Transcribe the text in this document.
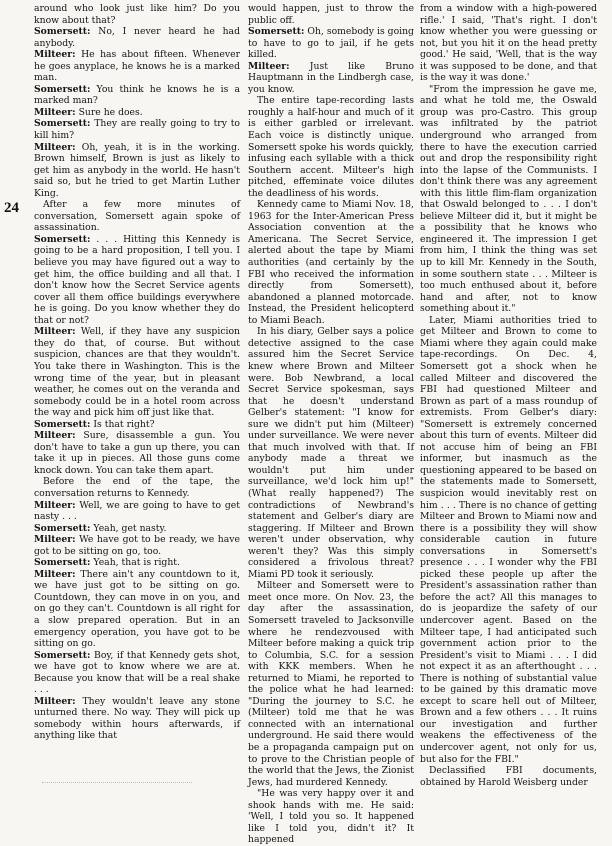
24

around who look just like him? Do you know about that?

Somersett: No, I never heard he had anybody.

Milteer: He has about fifteen. Whenever he goes anyplace, he knows he is a marked man.

Somersett: You think he knows he is a marked man?

Milteer: Sure he does.

Somersett: They are really going to try to kill him?

Milteer: Oh, yeah, it is in the working. Brown himself, Brown is just as likely to get him as anybody in the world. He hasn't said so, but he tried to get Martin Luther King.

After a few more minutes of conversation, Somersett again spoke of assassination.

Somersett: . . . Hitting this Kennedy is going to be a hard proposition, I tell you. I believe you may have figured out a way to get him, the office building and all that. I don't know how the Secret Service agents cover all them office buildings everywhere he is going. Do you know whether they do that or not?

Milteer: Well, if they have any suspicion they do that, of course. But without suspicion, chances are that they wouldn't. You take there in Washington. This is the wrong time of the year, but in pleasant weather, he comes out on the veranda and somebody could be in a hotel room across the way and pick him off just like that.

Somersett: Is that right?

Milteer: Sure, disassemble a gun. You don't have to take a gun up there, you can take it up in pieces. All those guns come knock down. You can take them apart.

Before the end of the tape, the conversation returns to Kennedy.

Milteer: Well, we are going to have to get nasty . . .

Somersett: Yeah, get nasty.

Milteer: We have got to be ready, we have got to be sitting on go, too.

Somersett: Yeah, that is right.

Milteer: There ain't any countdown to it, we have just got to be sitting on go. Countdown, they can move in on you, and on go they can't. Countdown is all right for a slow prepared operation. But in an emergency operation, you have got to be sitting on go.

Somersett: Boy, if that Kennedy gets shot, we have got to know where we are at. Because you know that will be a real shake . . .

Milteer: They wouldn't leave any stone unturned there. No way. They will pick up somebody within hours afterwards, if anything like that

would happen, just to throw the public off.

Somersett: Oh, somebody is going to have to go to jail, if he gets killed.

Milteer: Just like Bruno Hauptmann in the Lindbergh case, you know.

The entire tape-recording lasts roughly a half-hour and much of it is either garbled or irrelevant. Each voice is distinctly unique. Somersett spoke his words quickly, infusing each syllable with a thick Southern accent. Milteer's high pitched, effeminate voice dilutes the deadliness of his words.

Kennedy came to Miami Nov. 18, 1963 for the Inter-American Press Association convention at the Americana. The Secret Service, alerted about the tape by Miami authorities (and certainly by the FBI who received the information directly from Somersett), abandoned a planned motorcade. Instead, the President helicopterd to Miami Beach.

In his diary, Gelber says a police detective assigned to the case assured him the Secret Service knew where Brown and Milteer were. Bob Newbrand, a local Secret Service spokesman, says that he doesn't understand Gelber's statement: "I know for sure we didn't put him (Milteer) under surveillance. We were never that much involved with that. If anybody made a threat we wouldn't put him under surveillance, we'd lock him up!" (What really happened?) The contradictions of Newbrand's statement and Gelber's diary are staggering. If Milteer and Brown weren't under observation, why weren't they? Was this simply considered a frivolous threat? Miami PD took it seriously.

Milteer and Somersett were to meet once more. On Nov. 23, the day after the assassination, Somersett traveled to Jacksonville where he rendezvoused with Milteer before making a quick trip to Columbia, S.C. for a session with KKK members. When he returned to Miami, he reported to the police what he had learned: "During the journey to S.C. he (Milteer) told me that he was connected with an international underground. He said there would be a propaganda campaign put on to prove to the Christian people of the world that the Jews, the Zionist Jews, had murdered Kennedy.

"He was very happy over it and shook hands with me. He said: 'Well, I told you so. It happened like I told you, didn't it? It happened

from a window with a high-powered rifle.' I said, 'That's right. I don't know whether you were guessing or not, but you hit it on the head pretty good.' He said, 'Well, that is the way it was supposed to be done, and that is the way it was done.'

"From the impression he gave me, and what he told me, the Oswald group was pro-Castro. This group was infiltrated by the patriot underground who arranged from there to have the execution carried out and drop the responsibility right into the lapse of the Communists. I don't think there was any agreement with this little flim-flam organization that Oswald belonged to . . . I don't believe Milteer did it, but it might be a possibility that he knows who engineered it. The impression I get from him, I think the thing was set up to kill Mr. Kennedy in the South, in some southern state . . . Milteer is too much enthused about it, before hand and after, not to know something about it."

Later, Miami authorities tried to get Milteer and Brown to come to Miami where they again could make tape-recordings. On Dec. 4, Somersett got a shock when he called Milteer and discovered the FBI had questioned Milteer and Brown as part of a mass roundup of extremists. From Gelber's diary: "Somersett is extremely concerned about this turn of events. Milteer did not accuse him of being an FBI informer, but inasmuch as the questioning appeared to be based on the statements made to Somersett, suspicion would inevitably rest on him . . . There is no chance of getting Milteer and Brown to Miami now and there is a possibility they will show considerable caution in future conversations in Somersett's presence . . . I wonder why the FBI picked these people up after the President's assassination rather than before the act? All this manages to do is jeopardize the safety of our undercover agent. Based on the Milteer tape, I had anticipated such government action prior to the President's visit to Miami . . . I did not expect it as an afterthought . . . There is nothing of substantial value to be gained by this dramatic move except to scare hell out of Milteer, Brown and a few others . . . It ruins our investigation and further weakens the effectiveness of the undercover agent, not only for us, but also for the FBI."

Declassified FBI documents, obtained by Harold Weisberg under
